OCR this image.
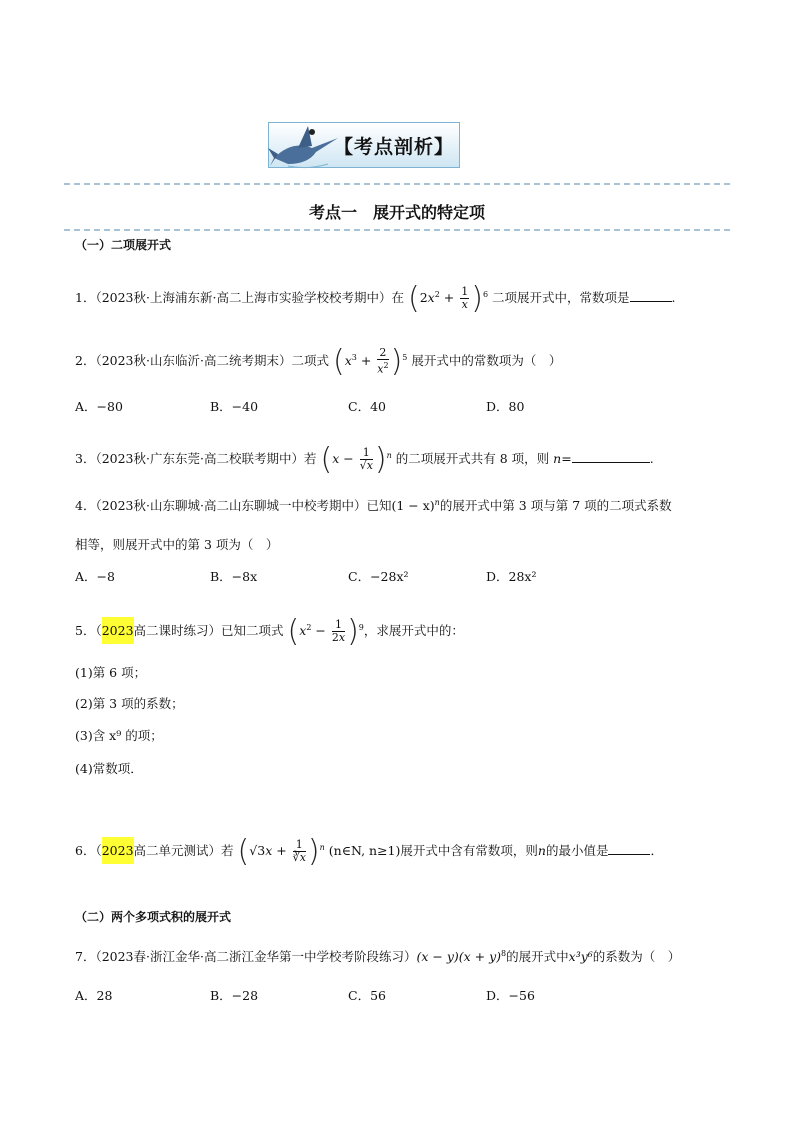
【考点剖析】
考点一　展开式的特定项
（一）二项展开式
1．（2023秋·上海浦东新·高二上海市实验学校校考期中）在 $(2x^2 + \frac{1}{x} )^6$ 二项展开式中，常数项是	.
2．（2023秋·山东临沂·高二统考期末）二项式 $(x^3 + \frac{2}{x^2} )^5$ 展开式中的常数项为（　）
A．−80	B．−40	C．40	D．80
3．（2023秋·广东东莞·高二校联考期中）若 $(x - \frac{1}{√x} )^n$ 的二项展开式共有 8 项，则 n=	.
4．（2023秋·山东聊城·高二山东聊城一中校考期中）已知$(1 - x)^n$的展开式中第 3 项与第 7 项的二项式系数
相等，则展开式中的第 3 项为（　）
A．−8	B．−8x	C．−28x²	D．28x²
5．（2023高二课时练习）已知二项式 $(x^2 - \frac{1}{2x} )^9$，求展开式中的：
(1)第 6 项；
(2)第 3 项的系数；
(3)含 x⁹ 的项；
(4)常数项．
6．（2023高二单元测试）若 $(√3x + \frac{1}{∛x} )^n$ (n∈N, n≥1)展开式中含有常数项，则n的最小值是	．
（二）两个多项式积的展开式
7．（2023春·浙江金华·高二浙江金华第一中学校考阶段练习）$(x - y)(x + y)^8$的展开式中x³y⁶的系数为（　）
A．28	B．−28	C．56	D．−56
